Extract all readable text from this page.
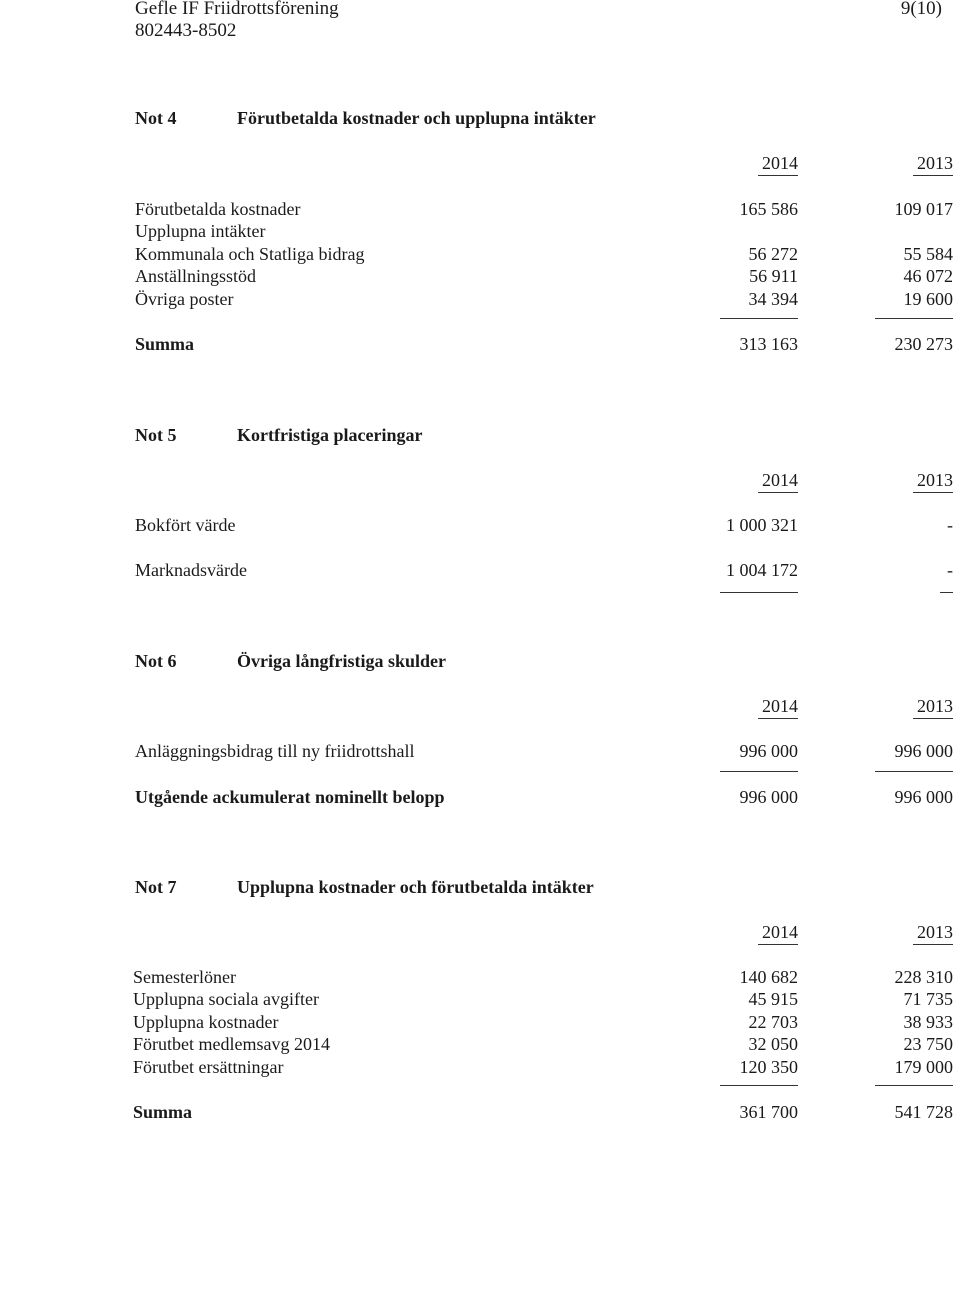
Gefle IF Friidrottsförening
802443-8502
9(10)
Not 4	Förutbetalda kostnader och upplupna intäkter
2014	2013
Förutbetalda kostnader	165 586	109 017
Upplupna intäkter
Kommunala och Statliga bidrag	56 272	55 584
Anställningsstöd	56 911	46 072
Övriga poster	34 394	19 600
Summa	313 163	230 273
Not 5	Kortfristiga placeringar
2014	2013
Bokfört värde	1 000 321	-
Marknadsvärde	1 004 172	-
Not 6	Övriga långfristiga skulder
2014	2013
Anläggningsbidrag till ny friidrottshall	996 000	996 000
Utgående ackumulerat nominellt belopp	996 000	996 000
Not 7	Upplupna kostnader och förutbetalda intäkter
2014	2013
Semesterlöner	140 682	228 310
Upplupna sociala avgifter	45 915	71 735
Upplupna kostnader	22 703	38 933
Förutbet medlemsavg 2014	32 050	23 750
Förutbet ersättningar	120 350	179 000
Summa	361 700	541 728
